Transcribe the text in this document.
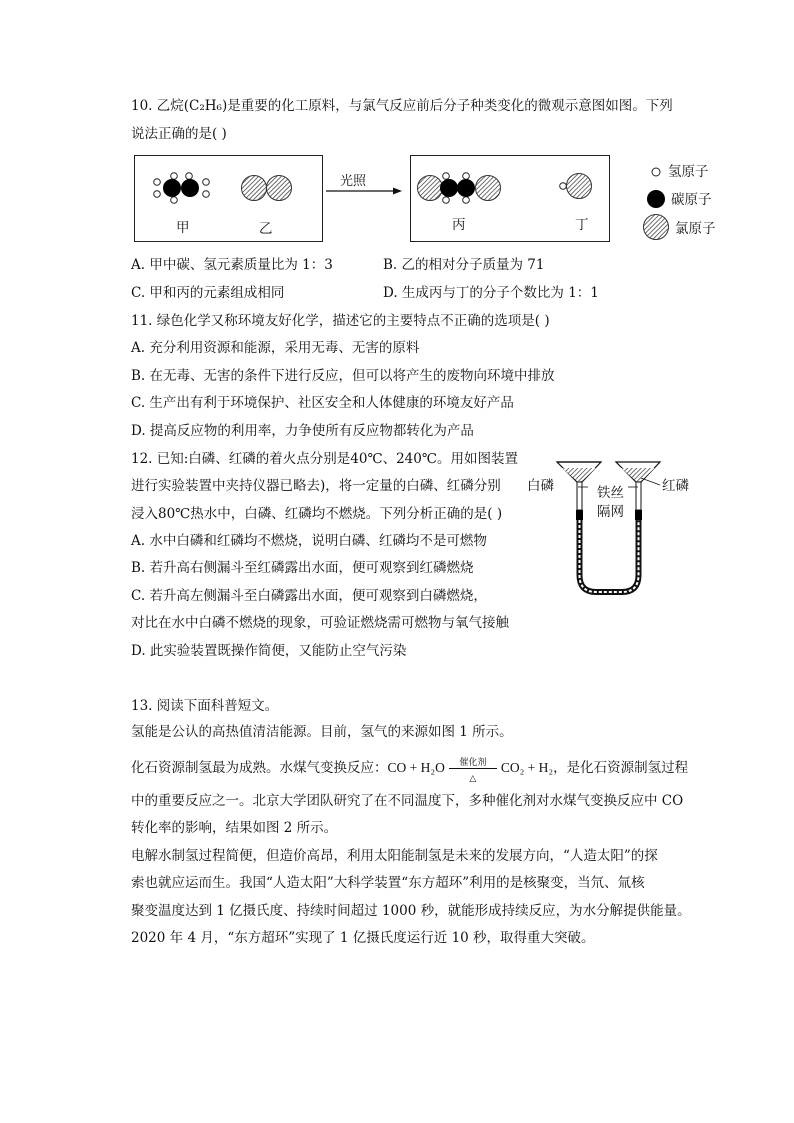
10. 乙烷(C₂H₆)是重要的化工原料，与氯气反应前后分子种类变化的微观示意图如图。下列
说法正确的是( )
光照
甲	乙	丙	丁
氢原子
碳原子
氯原子
A. 甲中碳、氢元素质量比为 1：3	B. 乙的相对分子质量为 71
C. 甲和丙的元素组成相同	D. 生成丙与丁的分子个数比为 1：1
11. 绿色化学又称环境友好化学，描述它的主要特点不正确的选项是( )
A. 充分利用资源和能源，采用无毒、无害的原料
B. 在无毒、无害的条件下进行反应，但可以将产生的废物向环境中排放
C. 生产出有利于环境保护、社区安全和人体健康的环境友好产品
D. 提高反应物的利用率，力争使所有反应物都转化为产品
12. 已知:白磷、红磷的着火点分别是40℃、240℃。用如图装置
进行实验装置中夹持仪器已略去)，将一定量的白磷、红磷分别
浸入80℃热水中，白磷、红磷均不燃烧。下列分析正确的是( )
白磷	铁丝
隔网
红磷
A. 水中白磷和红磷均不燃烧，说明白磷、红磷均不是可燃物
B. 若升高右侧漏斗至红磷露出水面，便可观察到红磷燃烧
C. 若升高左侧漏斗至白磷露出水面，便可观察到白磷燃烧，
对比在水中白磷不燃烧的现象，可验证燃烧需可燃物与氧气接触
D. 此实验装置既操作简便，又能防止空气污染
13. 阅读下面科普短文。
氢能是公认的高热值清洁能源。目前，氢气的来源如图 1 所示。
化石资源制氢最为成熟。水煤气变换反应：CO + $H_2O \frac{\text{催化剂}}{\triangle} CO_2 + H_2$，是化石资源制氢过程
中的重要反应之一。北京大学团队研究了在不同温度下，多种催化剂对水煤气变换反应中 CO
转化率的影响，结果如图 2 所示。
电解水制氢过程简便，但造价高昂，利用太阳能制氢是未来的发展方向，“人造太阳”的探
索也就应运而生。我国“人造太阳”大科学装置“东方超环”利用的是核聚变，当氘、氚核
聚变温度达到 1 亿摄氏度、持续时间超过 1000 秒，就能形成持续反应，为水分解提供能量。
2020 年 4 月，“东方超环”实现了 1 亿摄氏度运行近 10 秒，取得重大突破。
